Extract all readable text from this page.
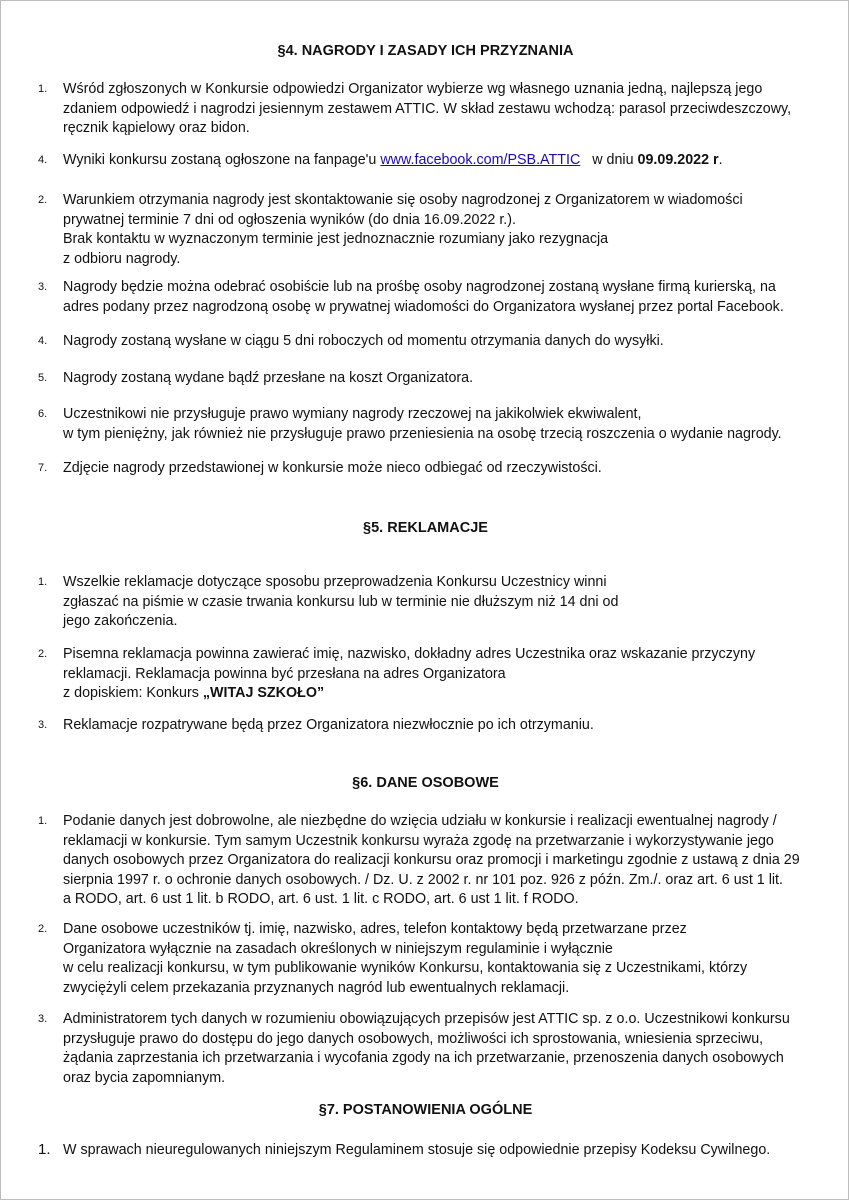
§4. NAGRODY I ZASADY ICH PRZYZNANIA
1.	Wśród zgłoszonych w Konkursie odpowiedzi Organizator wybierze wg własnego uznania jedną, najlepszą jego
zdaniem odpowiedź i nagrodzi jesiennym zestawem ATTIC. W skład zestawu wchodzą: parasol przeciwdeszczowy,
ręcznik kąpielowy oraz bidon.

4.	Wyniki konkursu zostaną ogłoszone na fanpage'u www.facebook.com/PSB.ATTIC   w dniu 09.09.2022 r.

2.	Warunkiem otrzymania nagrody jest skontaktowanie się osoby nagrodzonej z Organizatorem w wiadomości
prywatnej terminie 7 dni od ogłoszenia wyników (do dnia 16.09.2022 r.).
Brak kontaktu w wyznaczonym terminie jest jednoznacznie rozumiany jako rezygnacja
z odbioru nagrody.

3.	Nagrody będzie można odebrać osobiście lub na prośbę osoby nagrodzonej zostaną wysłane firmą kurierską, na
adres podany przez nagrodzoną osobę w prywatnej wiadomości do Organizatora wysłanej przez portal Facebook.

4.	Nagrody zostaną wysłane w ciągu 5 dni roboczych od momentu otrzymania danych do wysyłki.

5.	Nagrody zostaną wydane bądź przesłane na koszt Organizatora.

6.	Uczestnikowi nie przysługuje prawo wymiany nagrody rzeczowej na jakikolwiek ekwiwalent,
w tym pieniężny, jak również nie przysługuje prawo przeniesienia na osobę trzecią roszczenia o wydanie nagrody.

7.	Zdjęcie nagrody przedstawionej w konkursie może nieco odbiegać od rzeczywistości.

§5. REKLAMACJE
1.	Wszelkie reklamacje dotyczące sposobu przeprowadzenia Konkursu Uczestnicy winni
zgłaszać na piśmie w czasie trwania konkursu lub w terminie nie dłuższym niż 14 dni od
jego zakończenia.

2.	Pisemna reklamacja powinna zawierać imię, nazwisko, dokładny adres Uczestnika oraz wskazanie przyczyny
reklamacji. Reklamacja powinna być przesłana na adres Organizatora
z dopiskiem: Konkurs „WITAJ SZKOŁO”

3.	Reklamacje rozpatrywane będą przez Organizatora niezwłocznie po ich otrzymaniu.

§6. DANE OSOBOWE
1.	Podanie danych jest dobrowolne, ale niezbędne do wzięcia udziału w konkursie i realizacji ewentualnej nagrody /
reklamacji w konkursie. Tym samym Uczestnik konkursu wyraża zgodę na przetwarzanie i wykorzystywanie jego
danych osobowych przez Organizatora do realizacji konkursu oraz promocji i marketingu zgodnie z ustawą z dnia 29
sierpnia 1997 r. o ochronie danych osobowych. / Dz. U. z 2002 r. nr 101 poz. 926 z późn. Zm./. oraz art. 6 ust 1 lit.
a RODO, art. 6 ust 1 lit. b RODO, art. 6 ust. 1 lit. c RODO, art. 6 ust 1 lit. f RODO.

2.	Dane osobowe uczestników tj. imię, nazwisko, adres, telefon kontaktowy będą przetwarzane przez
Organizatora wyłącznie na zasadach określonych w niniejszym regulaminie i wyłącznie
w celu realizacji konkursu, w tym publikowanie wyników Konkursu, kontaktowania się z Uczestnikami, którzy
zwyciężyli celem przekazania przyznanych nagród lub ewentualnych reklamacji.

3.	Administratorem tych danych w rozumieniu obowiązujących przepisów jest ATTIC sp. z o.o. Uczestnikowi konkursu
przysługuje prawo do dostępu do jego danych osobowych, możliwości ich sprostowania, wniesienia sprzeciwu,
żądania zaprzestania ich przetwarzania i wycofania zgody na ich przetwarzanie, przenoszenia danych osobowych
oraz bycia zapomnianym.

§7. POSTANOWIENIA OGÓLNE
1. W sprawach nieuregulowanych niniejszym Regulaminem stosuje się odpowiednie przepisy Kodeksu Cywilnego.
